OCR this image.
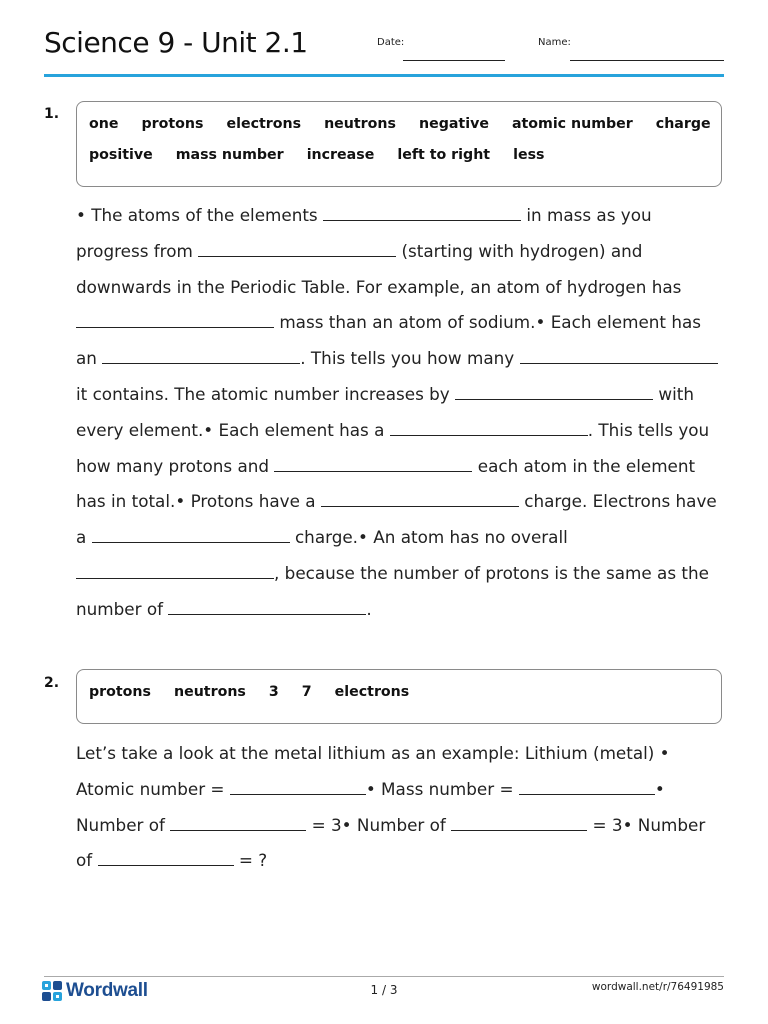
Science 9 - Unit 2.1	Date:	Name:
1.
one protons electrons neutrons negative atomic number charge
positive mass number increase left to right less
• The atoms of the elements	in mass as you progress from	(starting with hydrogen) and downwards in the Periodic Table. For example, an atom of hydrogen has  mass than an atom of sodium.• Each element has an	. This tells you how many  it contains. The atomic number increases by	with every element.• Each element has a	. This tells you how many protons and	each atom in the element has in total.• Protons have a	charge. Electrons have a	charge.• An atom has no overall , because the number of protons is the same as the number of	.
2.
protons neutrons 3 7 electrons
Let’s take a look at the metal lithium as an example: Lithium (metal) • Atomic number =	• Mass number =	• Number of	= 3• Number of	= 3• Number of	= ?
Wordwall	1 / 3	wordwall.net/r/76491985
